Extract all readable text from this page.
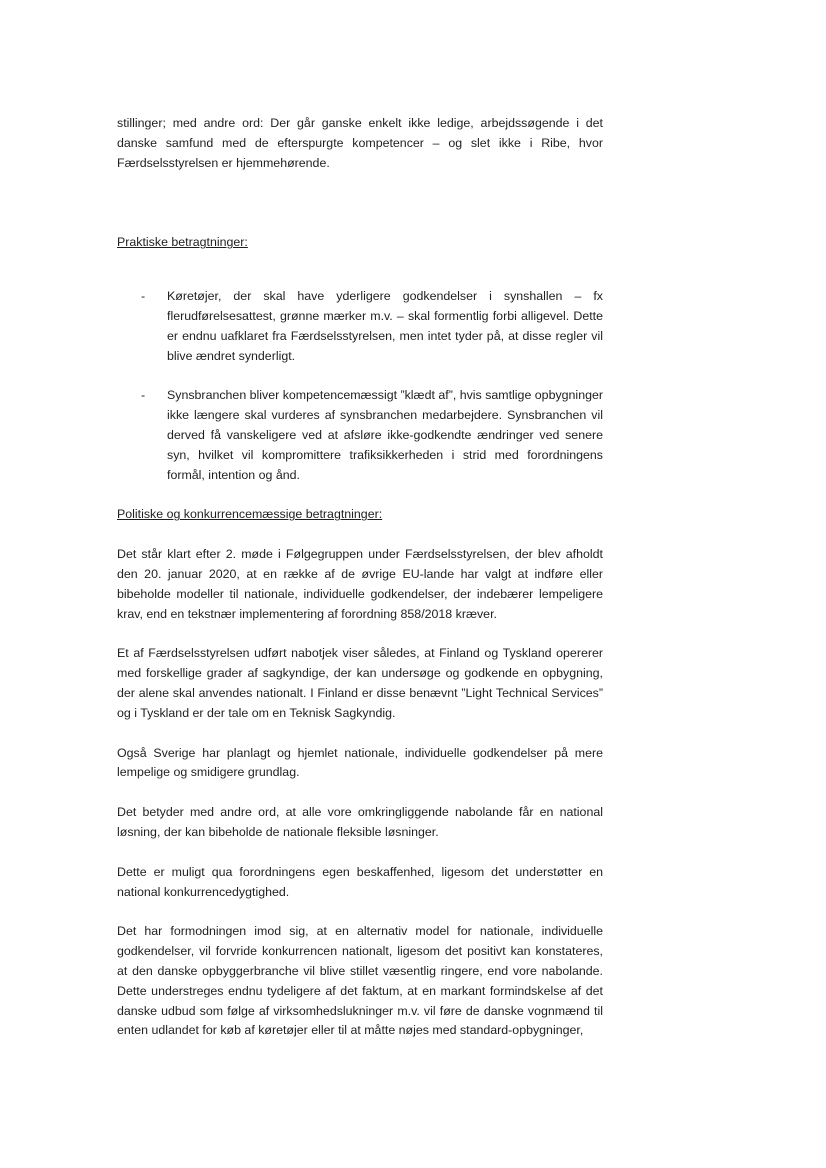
stillinger; med andre ord: Der går ganske enkelt ikke ledige, arbejdssøgende i det danske samfund med de efterspurgte kompetencer – og slet ikke i Ribe, hvor Færdselsstyrelsen er hjemmehørende.

Praktiske betragtninger:

- Køretøjer, der skal have yderligere godkendelser i synshallen – fx flerudførelsesattest, grønne mærker m.v. – skal formentlig forbi alligevel. Dette er endnu uafklaret fra Færdselsstyrelsen, men intet tyder på, at disse regler vil blive ændret synderligt.
- Synsbranchen bliver kompetencemæssigt ”klædt af”, hvis samtlige opbygninger ikke længere skal vurderes af synsbranchen medarbejdere. Synsbranchen vil derved få vanskeligere ved at afsløre ikke-godkendte ændringer ved senere syn, hvilket vil kompromittere trafiksikkerheden i strid med forordningens formål, intention og ånd.

Politiske og konkurrencemæssige betragtninger:

Det står klart efter 2. møde i Følgegruppen under Færdselsstyrelsen, der blev afholdt den 20. januar 2020, at en række af de øvrige EU-lande har valgt at indføre eller bibeholde modeller til nationale, individuelle godkendelser, der indebærer lempeligere krav, end en tekstnær implementering af forordning 858/2018 kræver.

Et af Færdselsstyrelsen udført nabotjek viser således, at Finland og Tyskland opererer med forskellige grader af sagkyndige, der kan undersøge og godkende en opbygning, der alene skal anvendes nationalt. I Finland er disse benævnt ”Light Technical Services” og i Tyskland er der tale om en Teknisk Sagkyndig.

Også Sverige har planlagt og hjemlet nationale, individuelle godkendelser på mere lempelige og smidigere grundlag.

Det betyder med andre ord, at alle vore omkringliggende nabolande får en national løsning, der kan bibeholde de nationale fleksible løsninger.

Dette er muligt qua forordningens egen beskaffenhed, ligesom det understøtter en national konkurrencedygtighed.

Det har formodningen imod sig, at en alternativ model for nationale, individuelle godkendelser, vil forvride konkurrencen nationalt, ligesom det positivt kan konstateres, at den danske opbyggerbranche vil blive stillet væsentlig ringere, end vore nabolande. Dette understreges endnu tydeligere af det faktum, at en markant formindskelse af det danske udbud som følge af virksomhedslukninger m.v. vil føre de danske vognmænd til enten udlandet for køb af køretøjer eller til at måtte nøjes med standard-opbygninger,
